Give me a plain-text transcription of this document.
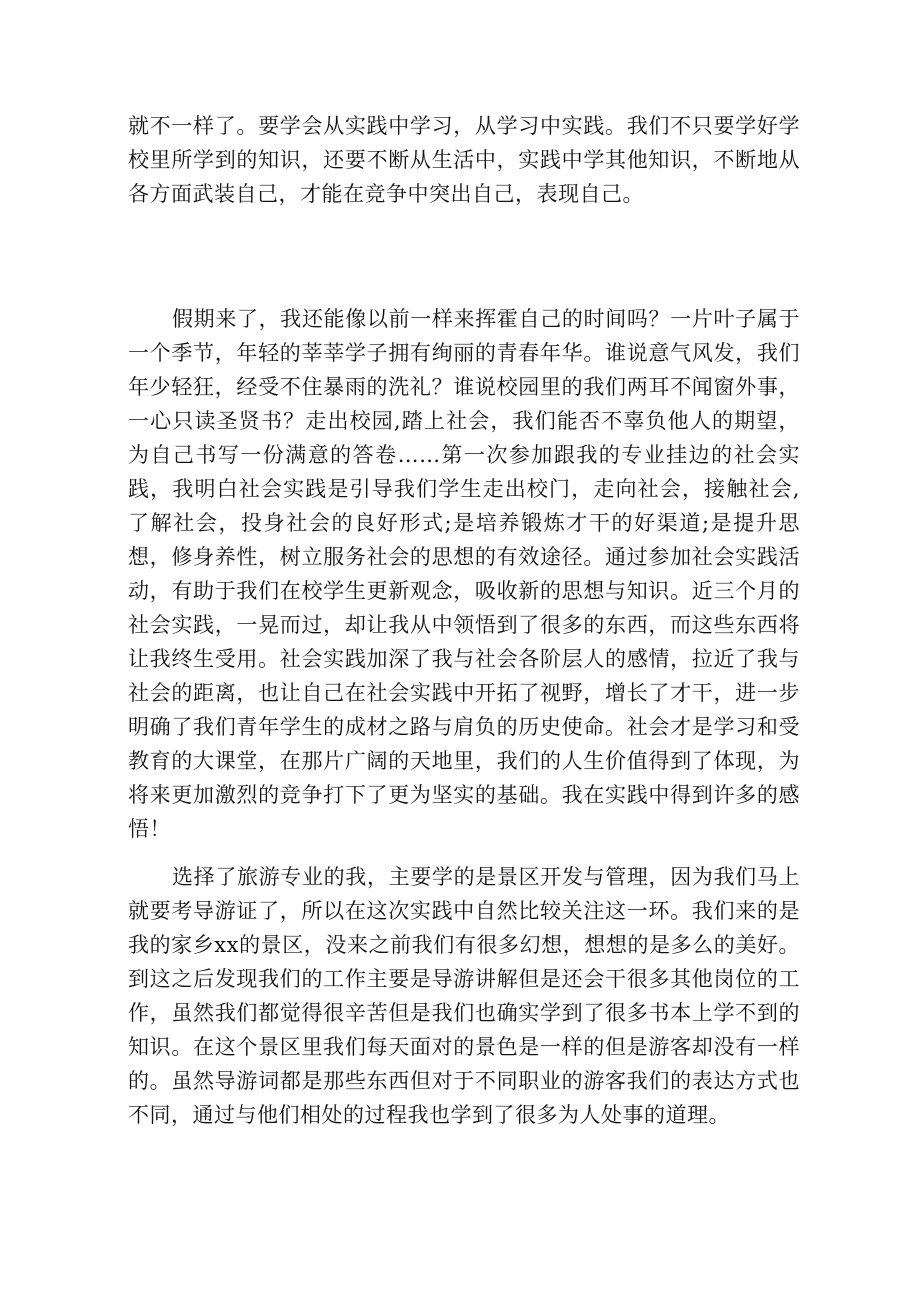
就不一样了。要学会从实践中学习，从学习中实践。我们不只要学好学校里所学到的知识，还要不断从生活中，实践中学其他知识，不断地从各方面武装自己，才能在竞争中突出自己，表现自己。

假期来了，我还能像以前一样来挥霍自己的时间吗？一片叶子属于一个季节，年轻的莘莘学子拥有绚丽的青春年华。谁说意气风发，我们年少轻狂，经受不住暴雨的洗礼？谁说校园里的我们两耳不闻窗外事，一心只读圣贤书？走出校园,踏上社会，我们能否不辜负他人的期望，为自己书写一份满意的答卷……第一次参加跟我的专业挂边的社会实践，我明白社会实践是引导我们学生走出校门，走向社会，接触社会,了解社会，投身社会的良好形式;是培养锻炼才干的好渠道;是提升思想，修身养性，树立服务社会的思想的有效途径。通过参加社会实践活动，有助于我们在校学生更新观念，吸收新的思想与知识。近三个月的社会实践，一晃而过，却让我从中领悟到了很多的东西，而这些东西将让我终生受用。社会实践加深了我与社会各阶层人的感情，拉近了我与社会的距离，也让自己在社会实践中开拓了视野，增长了才干，进一步明确了我们青年学生的成材之路与肩负的历史使命。社会才是学习和受教育的大课堂，在那片广阔的天地里，我们的人生价值得到了体现，为将来更加激烈的竞争打下了更为坚实的基础。我在实践中得到许多的感悟！

选择了旅游专业的我，主要学的是景区开发与管理，因为我们马上就要考导游证了，所以在这次实践中自然比较关注这一环。我们来的是我的家乡xx的景区，没来之前我们有很多幻想，想想的是多么的美好。到这之后发现我们的工作主要是导游讲解但是还会干很多其他岗位的工作，虽然我们都觉得很辛苦但是我们也确实学到了很多书本上学不到的知识。在这个景区里我们每天面对的景色是一样的但是游客却没有一样的。虽然导游词都是那些东西但对于不同职业的游客我们的表达方式也不同，通过与他们相处的过程我也学到了很多为人处事的道理。
